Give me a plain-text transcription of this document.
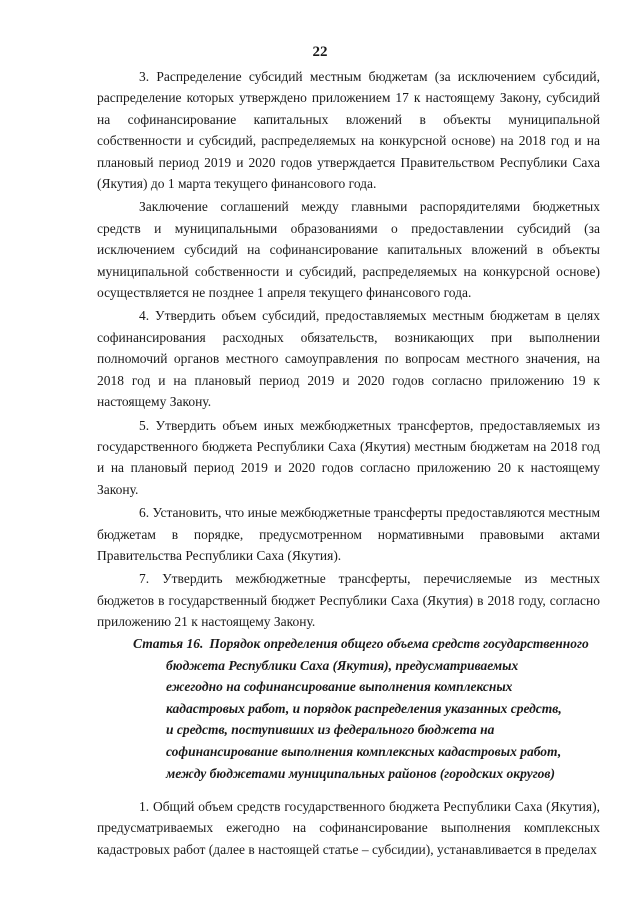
22

3. Распределение субсидий местным бюджетам (за исключением субсидий, распределение которых утверждено приложением 17 к настоящему Закону, субсидий на софинансирование капитальных вложений в объекты муниципальной собственности и субсидий, распределяемых на конкурсной основе) на 2018 год и на плановый период 2019 и 2020 годов утверждается Правительством Республики Саха (Якутия) до 1 марта текущего финансового года.

Заключение соглашений между главными распорядителями бюджетных средств и муниципальными образованиями о предоставлении субсидий (за исключением субсидий на софинансирование капитальных вложений в объекты муниципальной собственности и субсидий, распределяемых на конкурсной основе) осуществляется не позднее 1 апреля текущего финансового года.

4. Утвердить объем субсидий, предоставляемых местным бюджетам в целях софинансирования расходных обязательств, возникающих при выполнении полномочий органов местного самоуправления по вопросам местного значения, на 2018 год и на плановый период 2019 и 2020 годов согласно приложению 19 к настоящему Закону.

5. Утвердить объем иных межбюджетных трансфертов, предоставляемых из государственного бюджета Республики Саха (Якутия) местным бюджетам на 2018 год и на плановый период 2019 и 2020 годов согласно приложению 20 к настоящему Закону.

6. Установить, что иные межбюджетные трансферты предоставляются местным бюджетам в порядке, предусмотренном нормативными правовыми актами Правительства Республики Саха (Якутия).

7. Утвердить межбюджетные трансферты, перечисляемые из местных бюджетов в государственный бюджет Республики Саха (Якутия) в 2018 году, согласно приложению 21 к настоящему Закону.

Статья 16. Порядок определения общего объема средств государственного
бюджета Республики Саха (Якутия), предусматриваемых
ежегодно на софинансирование выполнения комплексных
кадастровых работ, и порядок распределения указанных средств,
и средств, поступивших из федерального бюджета на
софинансирование выполнения комплексных кадастровых работ,
между бюджетами муниципальных районов (городских округов)

1. Общий объем средств государственного бюджета Республики Саха (Якутия), предусматриваемых ежегодно на софинансирование выполнения комплексных кадастровых работ (далее в настоящей статье – субсидии), устанавливается в пределах
